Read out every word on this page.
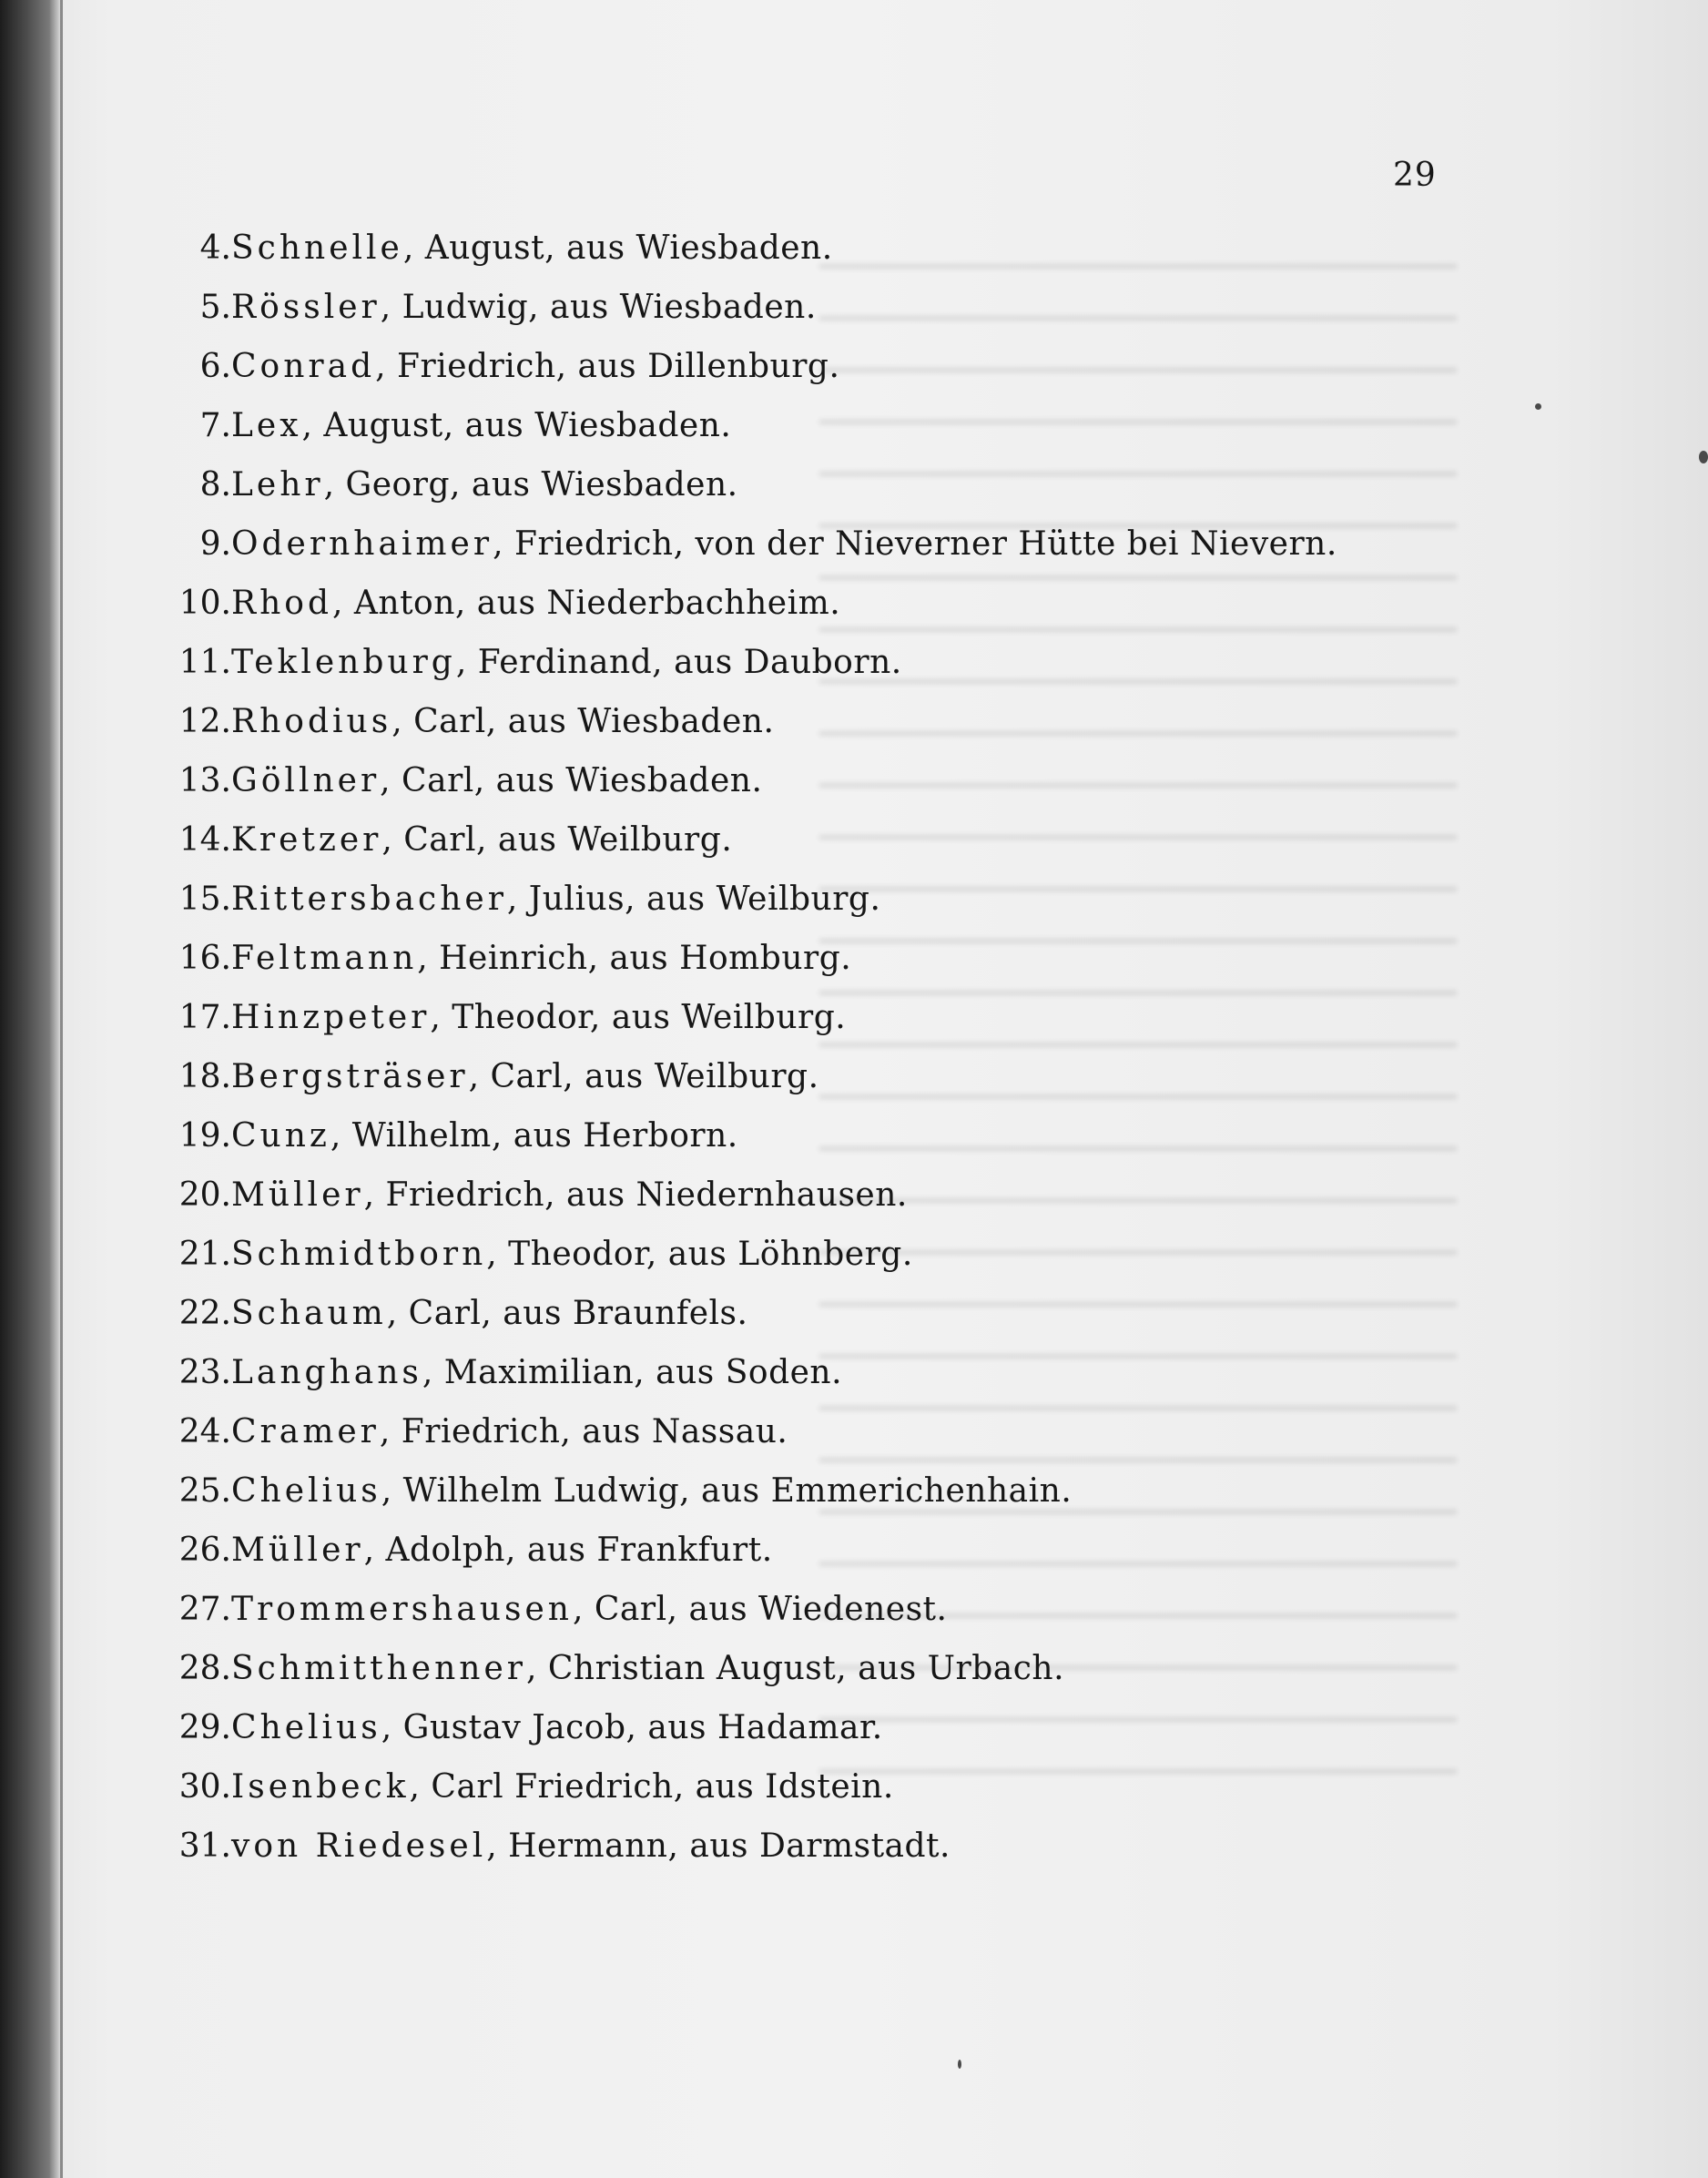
29
4. Schnelle, August, aus Wiesbaden.
5. Rössler, Ludwig, aus Wiesbaden.
6. Conrad, Friedrich, aus Dillenburg.
7. Lex, August, aus Wiesbaden.
8. Lehr, Georg, aus Wiesbaden.
9. Odernhaimer, Friedrich, von der Nieverner Hütte bei Nievern.
10. Rhod, Anton, aus Niederbachheim.
11. Teklenburg, Ferdinand, aus Dauborn.
12. Rhodius, Carl, aus Wiesbaden.
13. Göllner, Carl, aus Wiesbaden.
14. Kretzer, Carl, aus Weilburg.
15. Rittersbacher, Julius, aus Weilburg.
16. Feltmann, Heinrich, aus Homburg.
17. Hinzpeter, Theodor, aus Weilburg.
18. Bergsträser, Carl, aus Weilburg.
19. Cunz, Wilhelm, aus Herborn.
20. Müller, Friedrich, aus Niedernhausen.
21. Schmidtborn, Theodor, aus Löhnberg.
22. Schaum, Carl, aus Braunfels.
23. Langhans, Maximilian, aus Soden.
24. Cramer, Friedrich, aus Nassau.
25. Chelius, Wilhelm Ludwig, aus Emmerichenhain.
26. Müller, Adolph, aus Frankfurt.
27. Trommershausen, Carl, aus Wiedenest.
28. Schmitthenner, Christian August, aus Urbach.
29. Chelius, Gustav Jacob, aus Hadamar.
30. Isenbeck, Carl Friedrich, aus Idstein.
31. von Riedesel, Hermann, aus Darmstadt.
